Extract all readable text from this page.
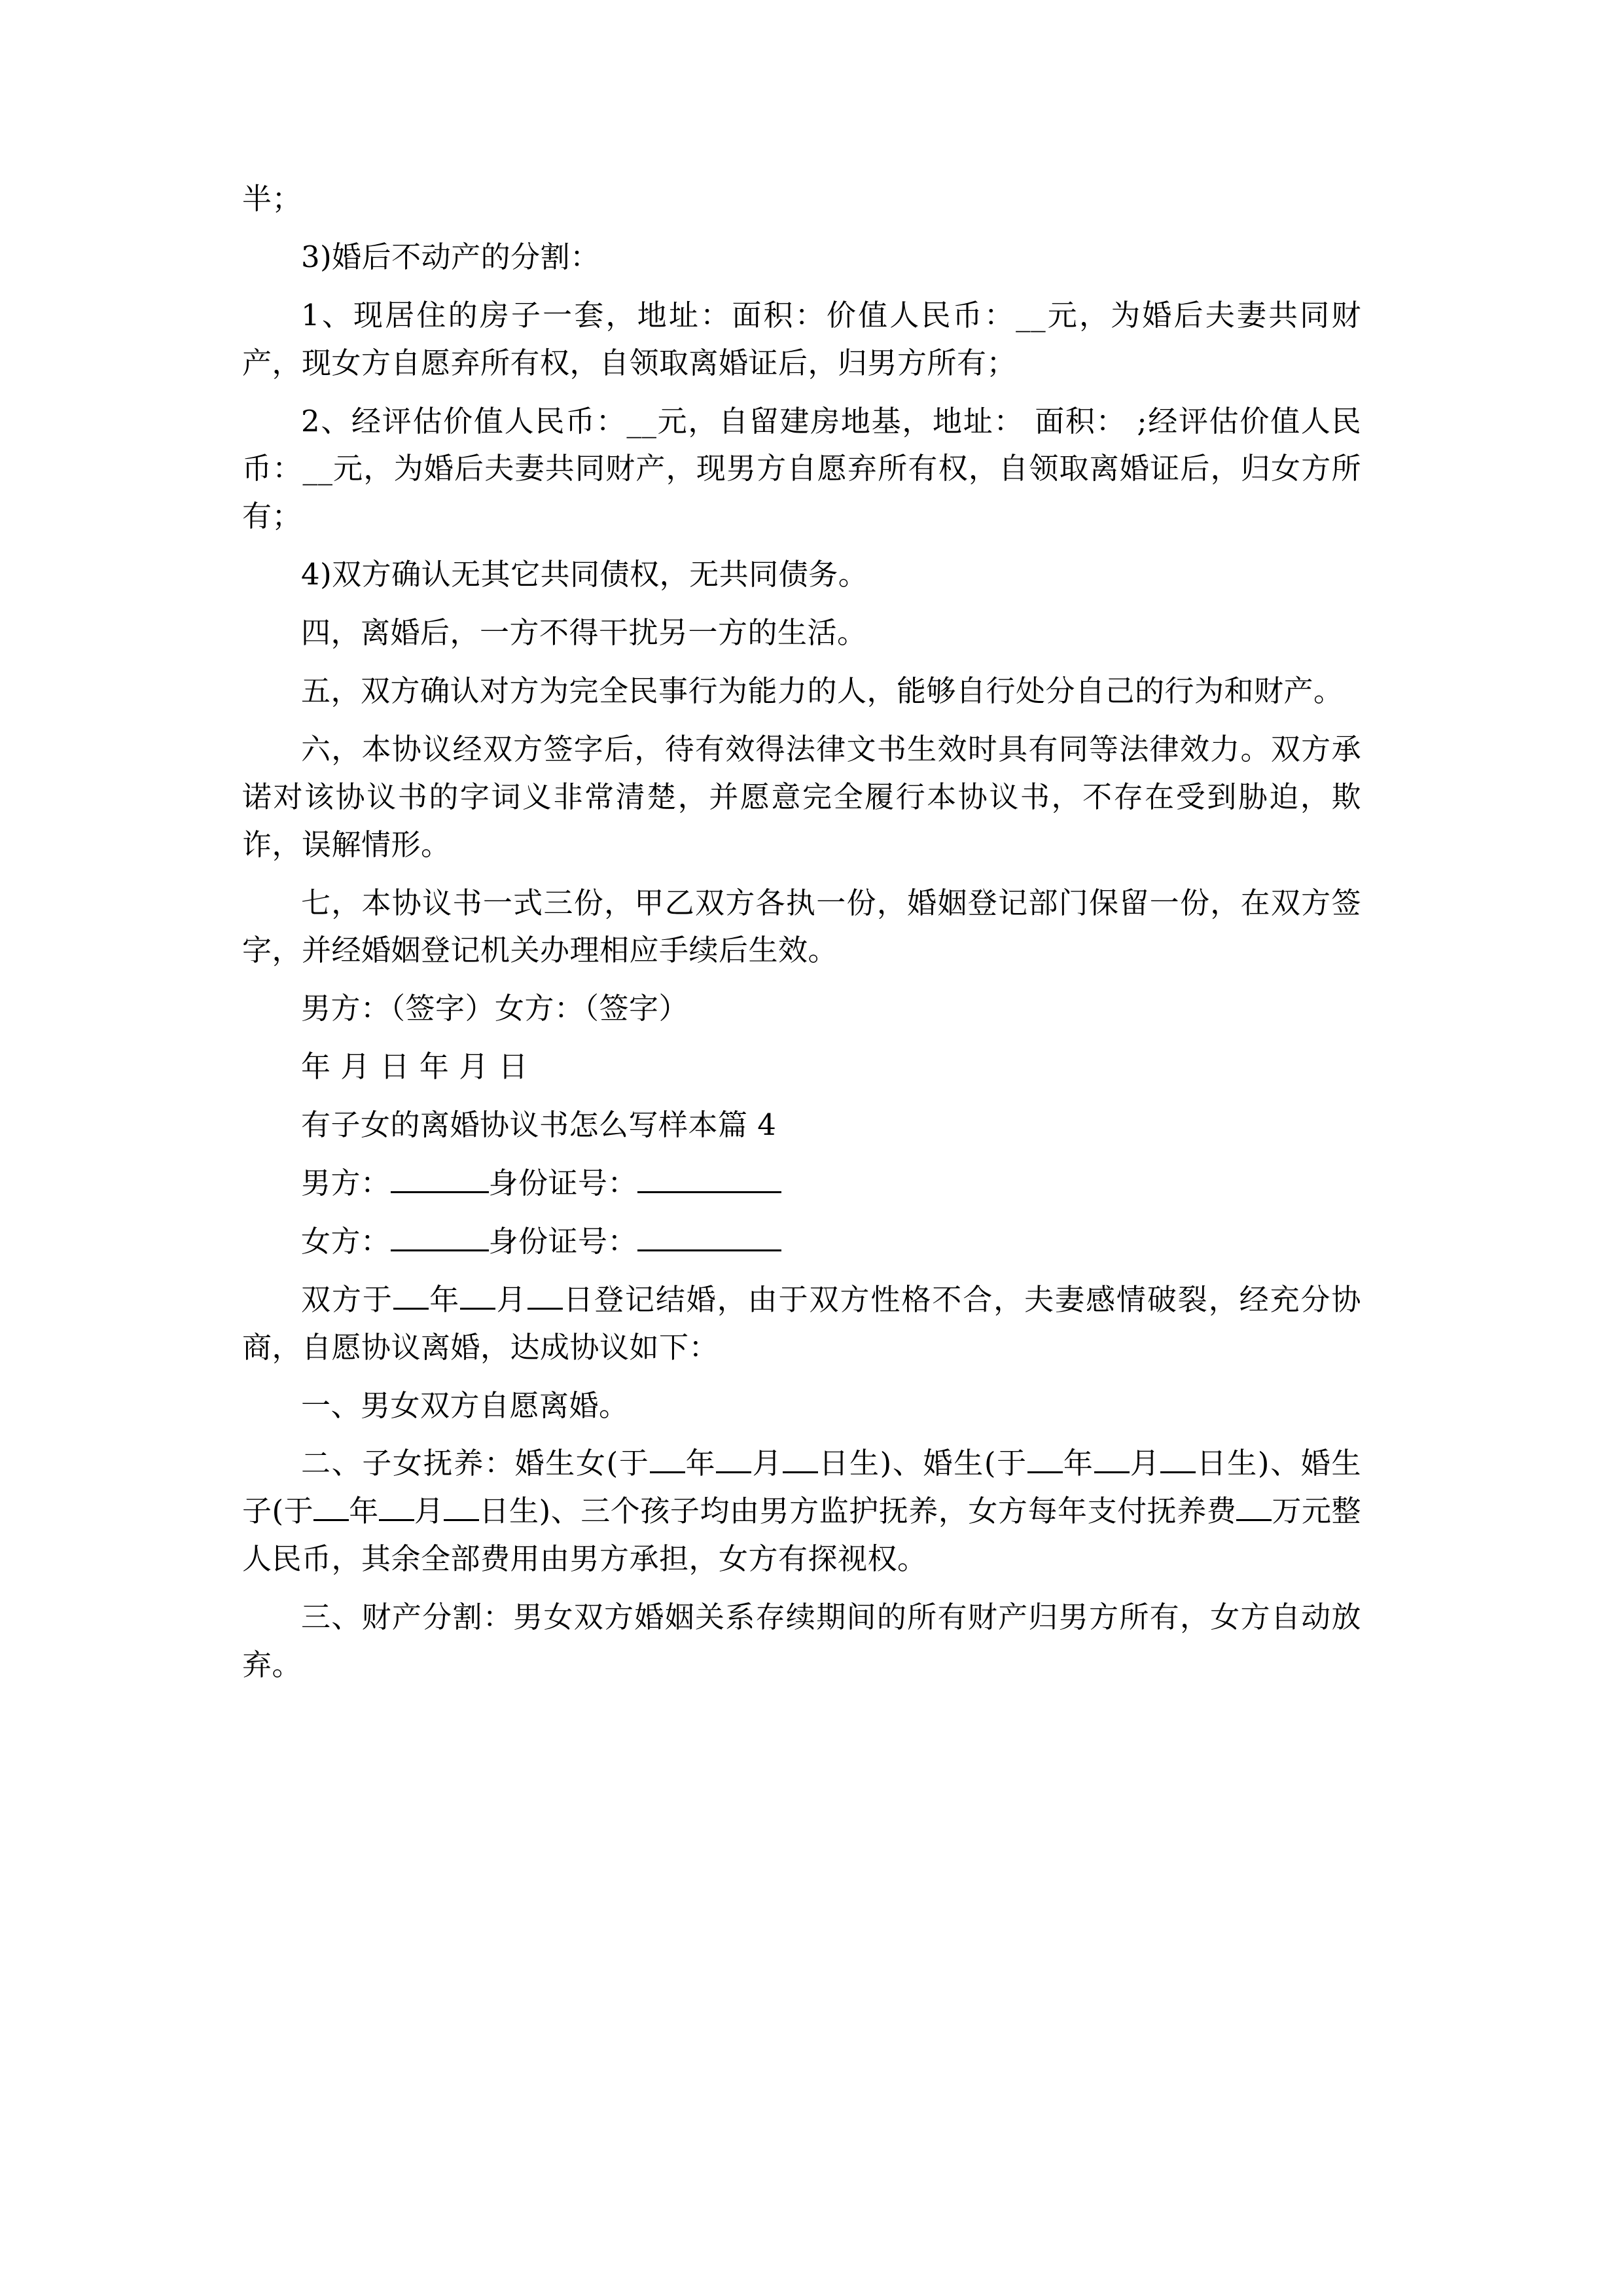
半；

3)婚后不动产的分割：

1、现居住的房子一套，地址：面积：价值人民币：__元，为婚后夫妻共同财产，现女方自愿弃所有权，自领取离婚证后，归男方所有；

2、经评估价值人民币：__元，自留建房地基，地址： 面积： ;经评估价值人民币：__元，为婚后夫妻共同财产，现男方自愿弃所有权，自领取离婚证后，归女方所有；

4)双方确认无其它共同债权，无共同债务。

四，离婚后，一方不得干扰另一方的生活。

五，双方确认对方为完全民事行为能力的人，能够自行处分自己的行为和财产。

六，本协议经双方签字后，待有效得法律文书生效时具有同等法律效力。双方承诺对该协议书的字词义非常清楚，并愿意完全履行本协议书，不存在受到胁迫，欺诈，误解情形。

七，本协议书一式三份，甲乙双方各执一份，婚姻登记部门保留一份，在双方签字，并经婚姻登记机关办理相应手续后生效。

男方：（签字）女方：（签字）

年 月 日 年 月 日

有子女的离婚协议书怎么写样本篇 4

男方：	身份证号：

女方：	身份证号：

双方于 年 月 日登记结婚，由于双方性格不合，夫妻感情破裂，经充分协商，自愿协议离婚，达成协议如下：

一、男女双方自愿离婚。

二、子女抚养：婚生女(于 年 月 日生)、婚生(于 年 月 日生)、婚生子(于 年 月 日生)、三个孩子均由男方监护抚养，女方每年支付抚养费 万元整人民币，其余全部费用由男方承担，女方有探视权。

三、财产分割：男女双方婚姻关系存续期间的所有财产归男方所有，女方自动放弃。
